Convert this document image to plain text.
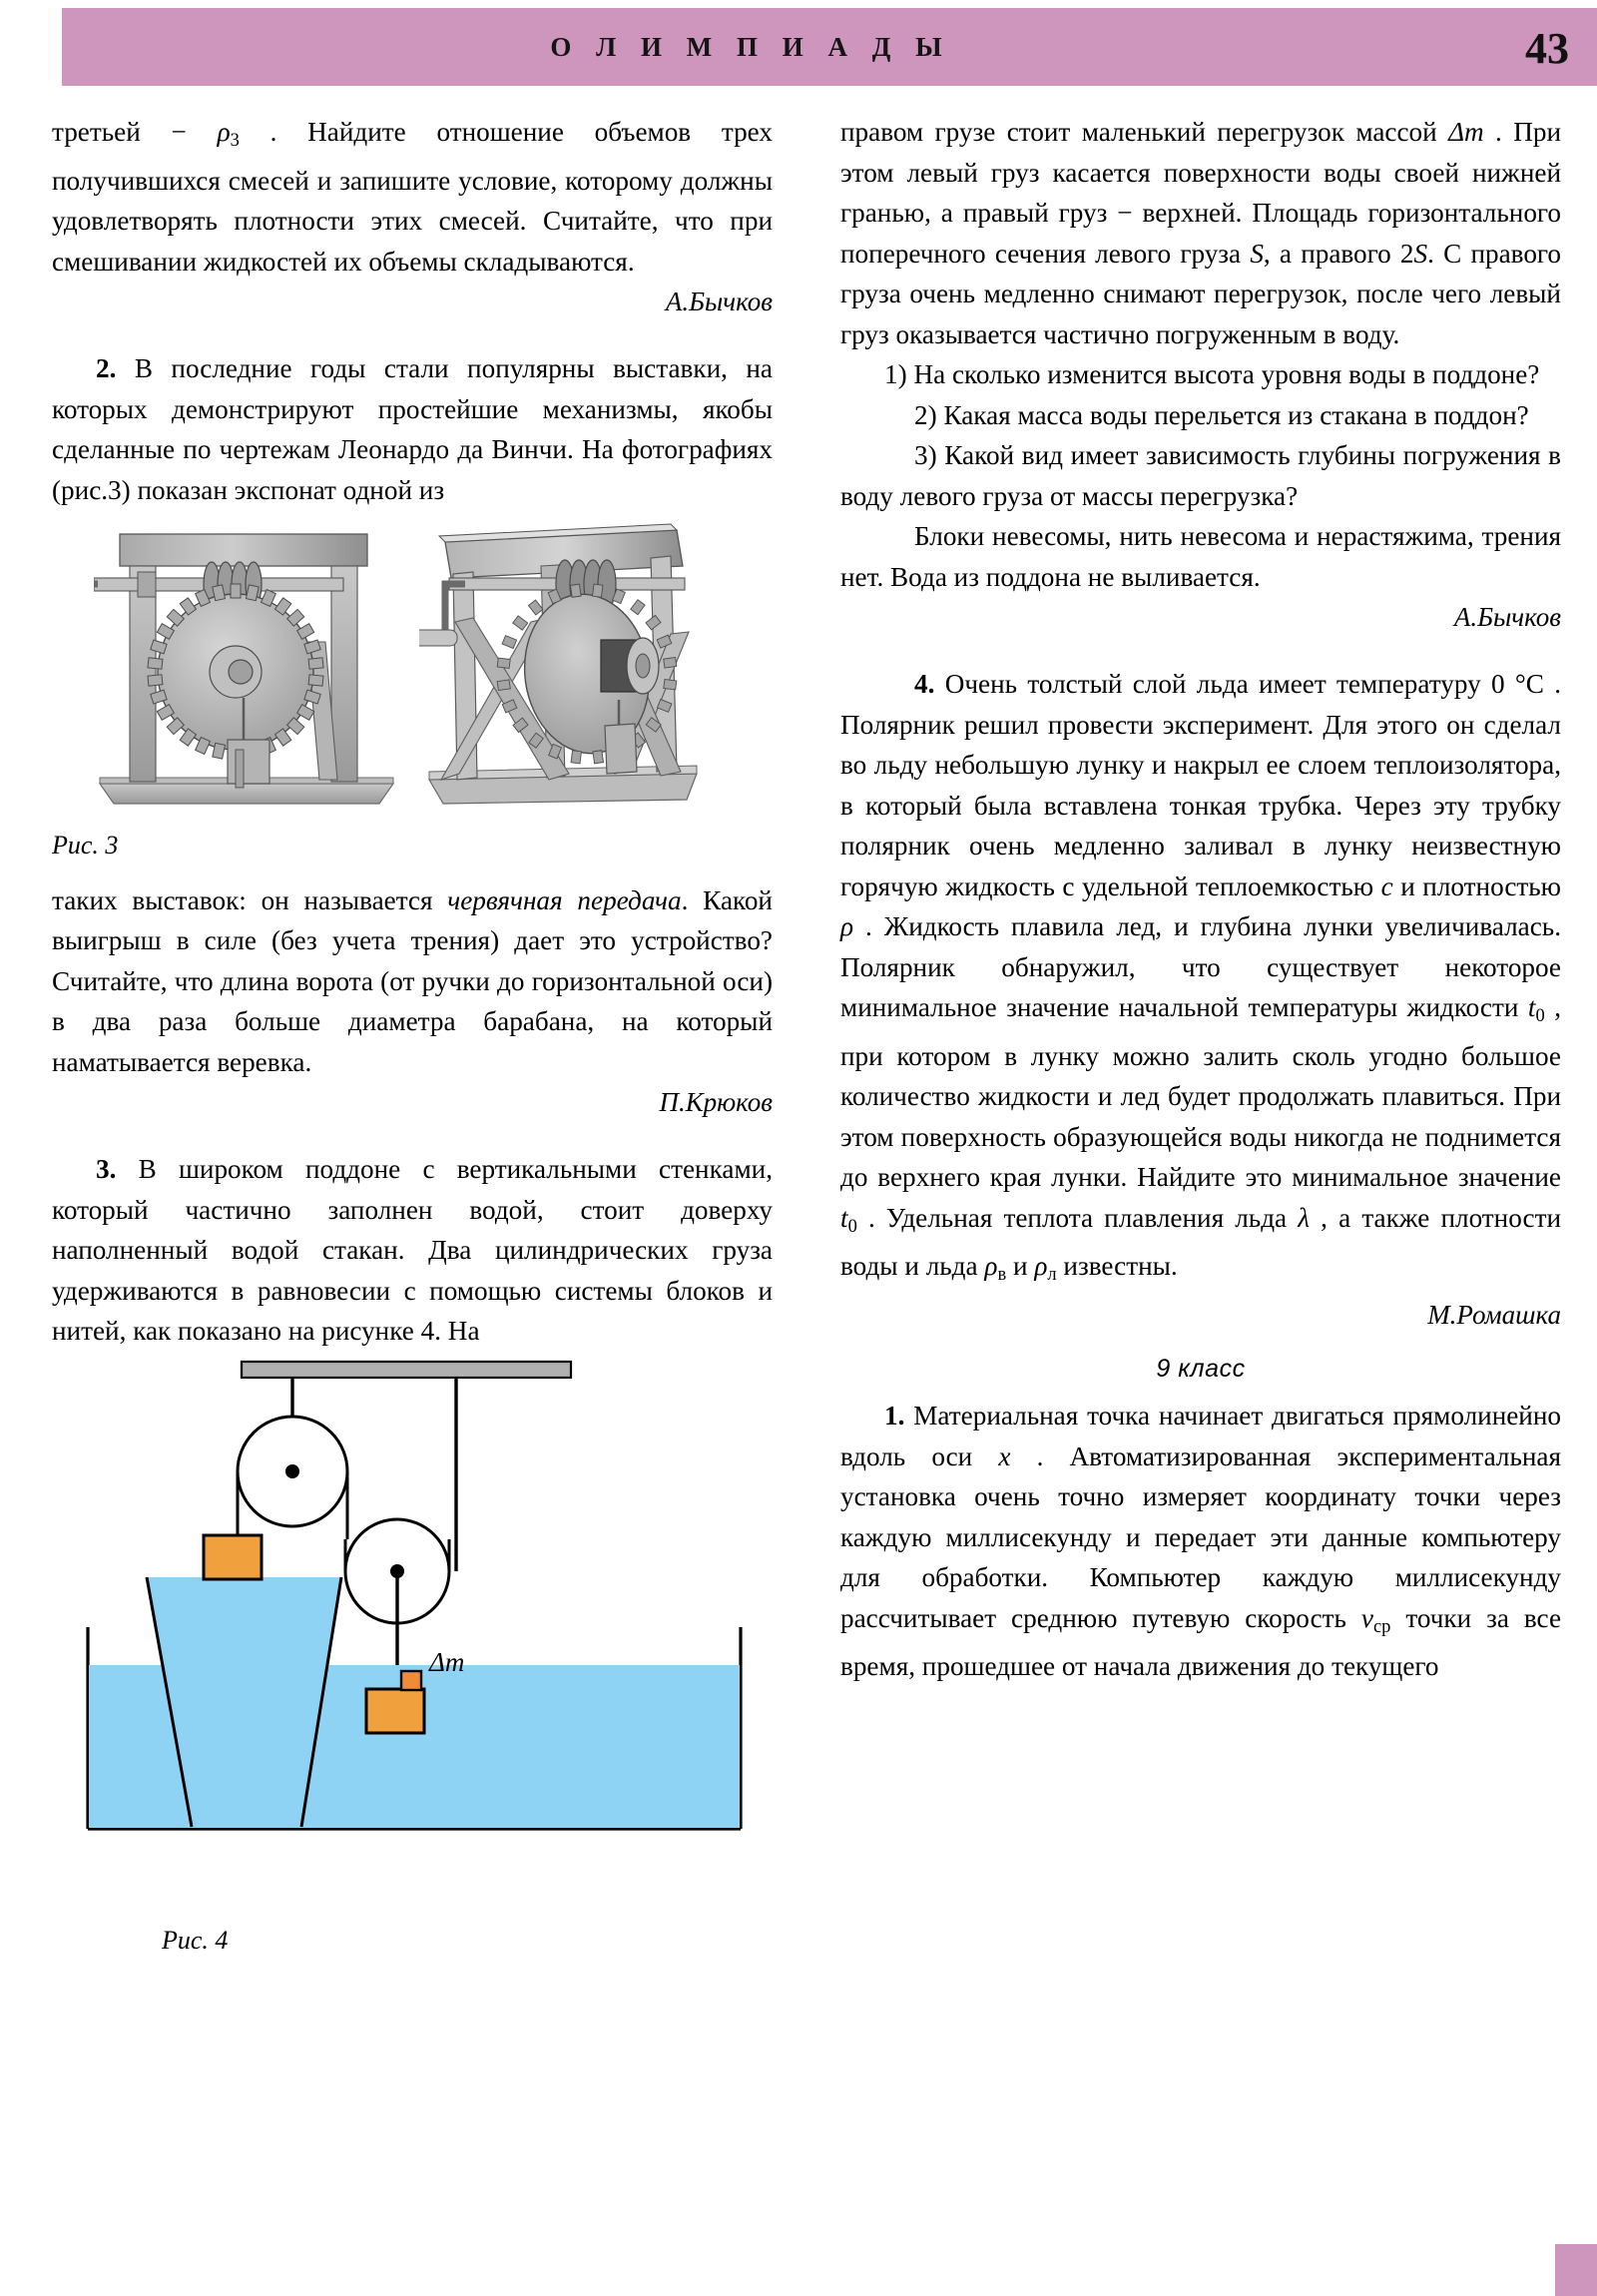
О Л И М П И А Д Ы	43

третьей − $\rho_3$ . Найдите отношение объемов трех получившихся смесей и запишите условие, которому должны удовлетворять плотности этих смесей. Считайте, что при смешивании жидкостей их объемы складываются.

А.Бычков

2. В последние годы стали популярны выставки, на которых демонстрируют простейшие механизмы, якобы сделанные по чертежам Леонардо да Винчи. На фотографиях (рис.3) показан экспонат одной из

Рис. 3

таких выставок: он называется червячная передача. Какой выигрыш в силе (без учета трения) дает это устройство? Считайте, что длина ворота (от ручки до горизонтальной оси) в два раза больше диаметра барабана, на который наматывается веревка.

П.Крюков

3. В широком поддоне с вертикальными стенками, который частично заполнен водой, стоит доверху наполненный водой стакан. Два цилиндрических груза удерживаются в равновесии с помощью системы блоков и нитей, как показано на рисунке 4. На

Δm

Рис. 4

правом грузе стоит маленький перегрузок массой Δm . При этом левый груз касается поверхности воды своей нижней гранью, а правый груз − верхней. Площадь горизонтального поперечного сечения левого груза S, а правого 2S. С правого груза очень медленно снимают перегрузок, после чего левый груз оказывается частично погруженным в воду.

1) На сколько изменится высота уровня воды в поддоне?

2) Какая масса воды перельется из стакана в поддон?

3) Какой вид имеет зависимость глубины погружения в воду левого груза от массы перегрузка?

Блоки невесомы, нить невесома и нерастяжима, трения нет. Вода из поддона не выливается.

А.Бычков

4. Очень толстый слой льда имеет температуру 0 °C . Полярник решил провести эксперимент. Для этого он сделал во льду небольшую лунку и накрыл ее слоем теплоизолятора, в который была вставлена тонкая трубка. Через эту трубку полярник очень медленно заливал в лунку неизвестную горячую жидкость с удельной теплоемкостью c и плотностью ρ . Жидкость плавила лед, и глубина лунки увеличивалась. Полярник обнаружил, что существует некоторое минимальное значение начальной температуры жидкости $t_0$ , при котором в лунку можно залить сколь угодно большое количество жидкости и лед будет продолжать плавиться. При этом поверхность образующейся воды никогда не поднимется до верхнего края лунки. Найдите это минимальное значение $t_0$ . Удельная теплота плавления льда λ , а также плотности воды и льда $\rho_в$ и $\rho_л$ известны.

М.Ромашка

9 класс

1. Материальная точка начинает двигаться прямолинейно вдоль оси x . Автоматизированная экспериментальная установка очень точно измеряет координату точки через каждую миллисекунду и передает эти данные компьютеру для обработки. Компьютер каждую миллисекунду рассчитывает среднюю путевую скорость $v_{ср}$ точки за все время, прошедшее от начала движения до текущего
